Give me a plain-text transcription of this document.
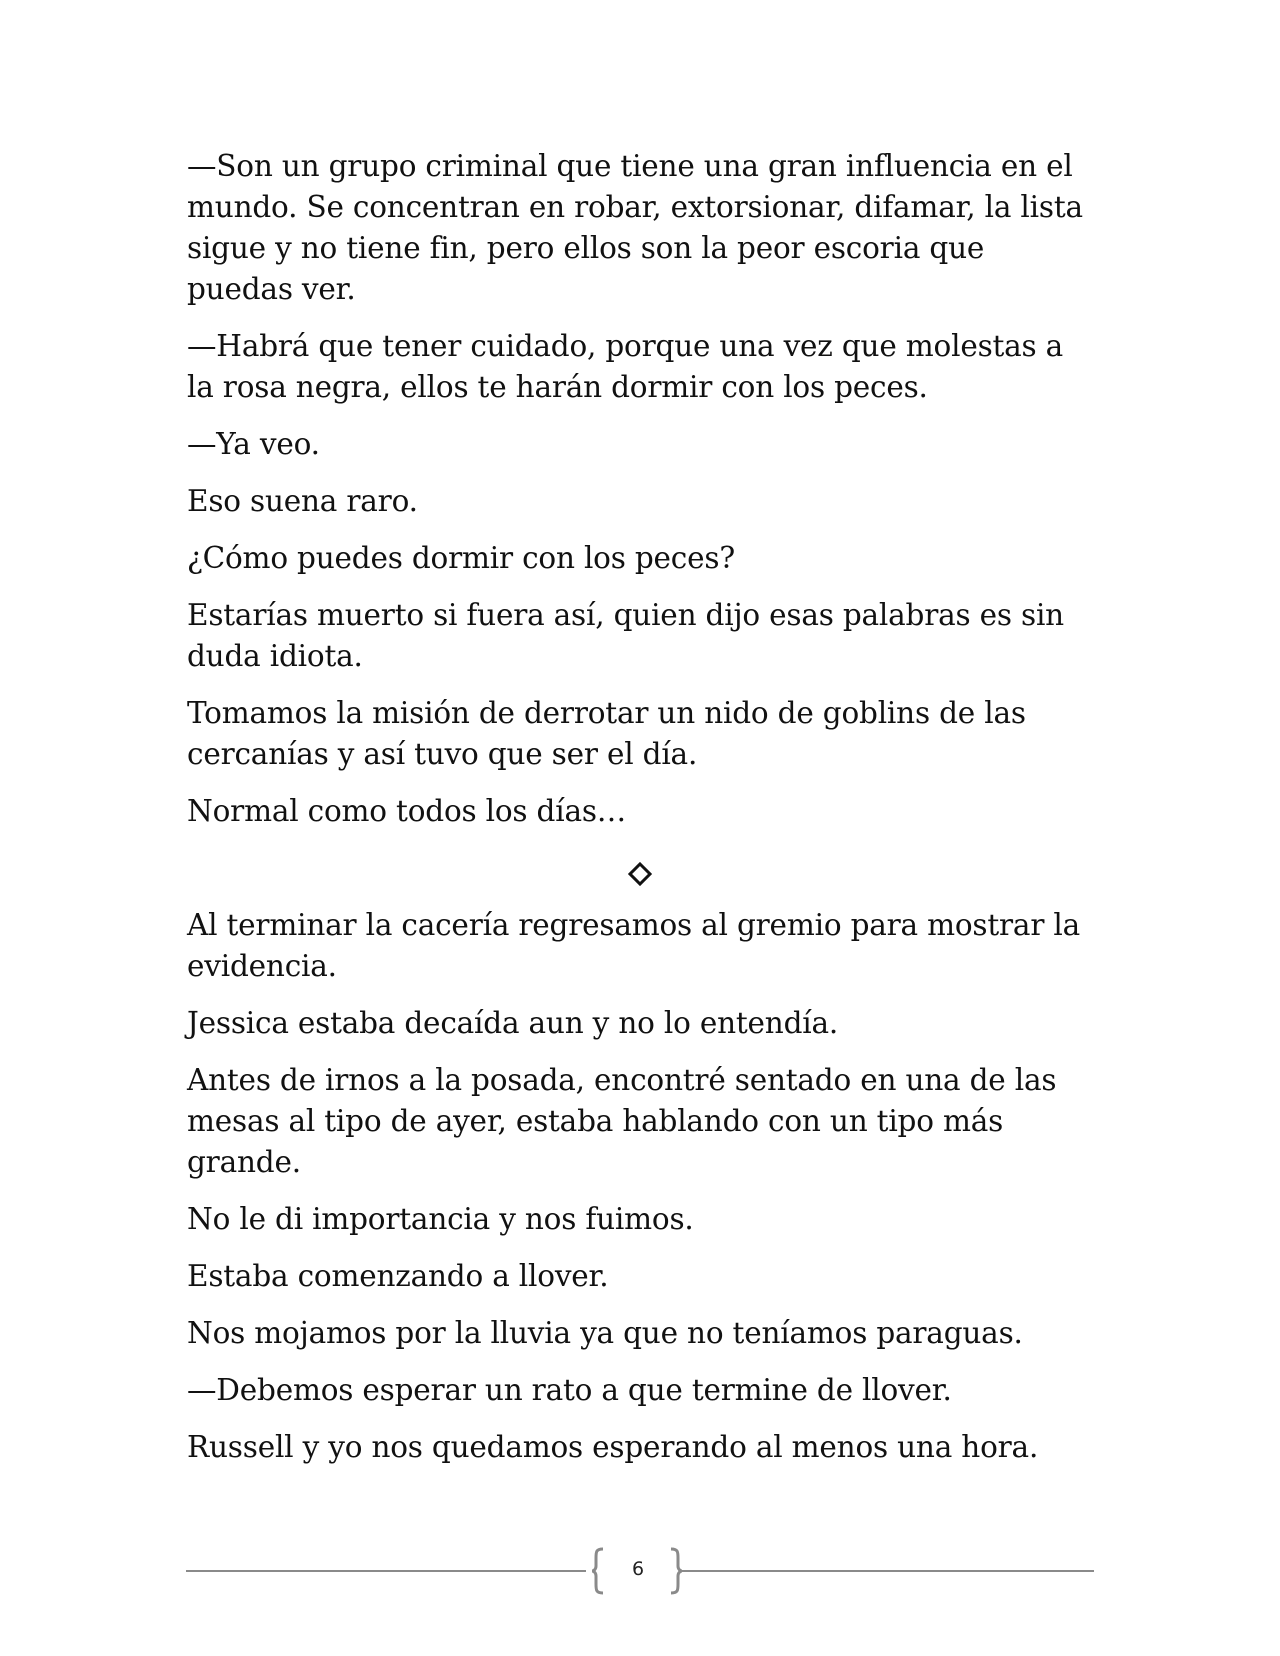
—Son un grupo criminal que tiene una gran influencia en el mundo. Se concentran en robar, extorsionar, difamar, la lista sigue y no tiene fin, pero ellos son la peor escoria que puedas ver.

—Habrá que tener cuidado, porque una vez que molestas a la rosa negra, ellos te harán dormir con los peces.

—Ya veo.

Eso suena raro.

¿Cómo puedes dormir con los peces?

Estarías muerto si fuera así, quien dijo esas palabras es sin duda idiota.

Tomamos la misión de derrotar un nido de goblins de las cercanías y así tuvo que ser el día.

Normal como todos los días…

Al terminar la cacería regresamos al gremio para mostrar la evidencia.

Jessica estaba decaída aun y no lo entendía.

Antes de irnos a la posada, encontré sentado en una de las mesas al tipo de ayer, estaba hablando con un tipo más grande.

No le di importancia y nos fuimos.

Estaba comenzando a llover.

Nos mojamos por la lluvia ya que no teníamos paraguas.

—Debemos esperar un rato a que termine de llover.

Russell y yo nos quedamos esperando al menos una hora.

6
